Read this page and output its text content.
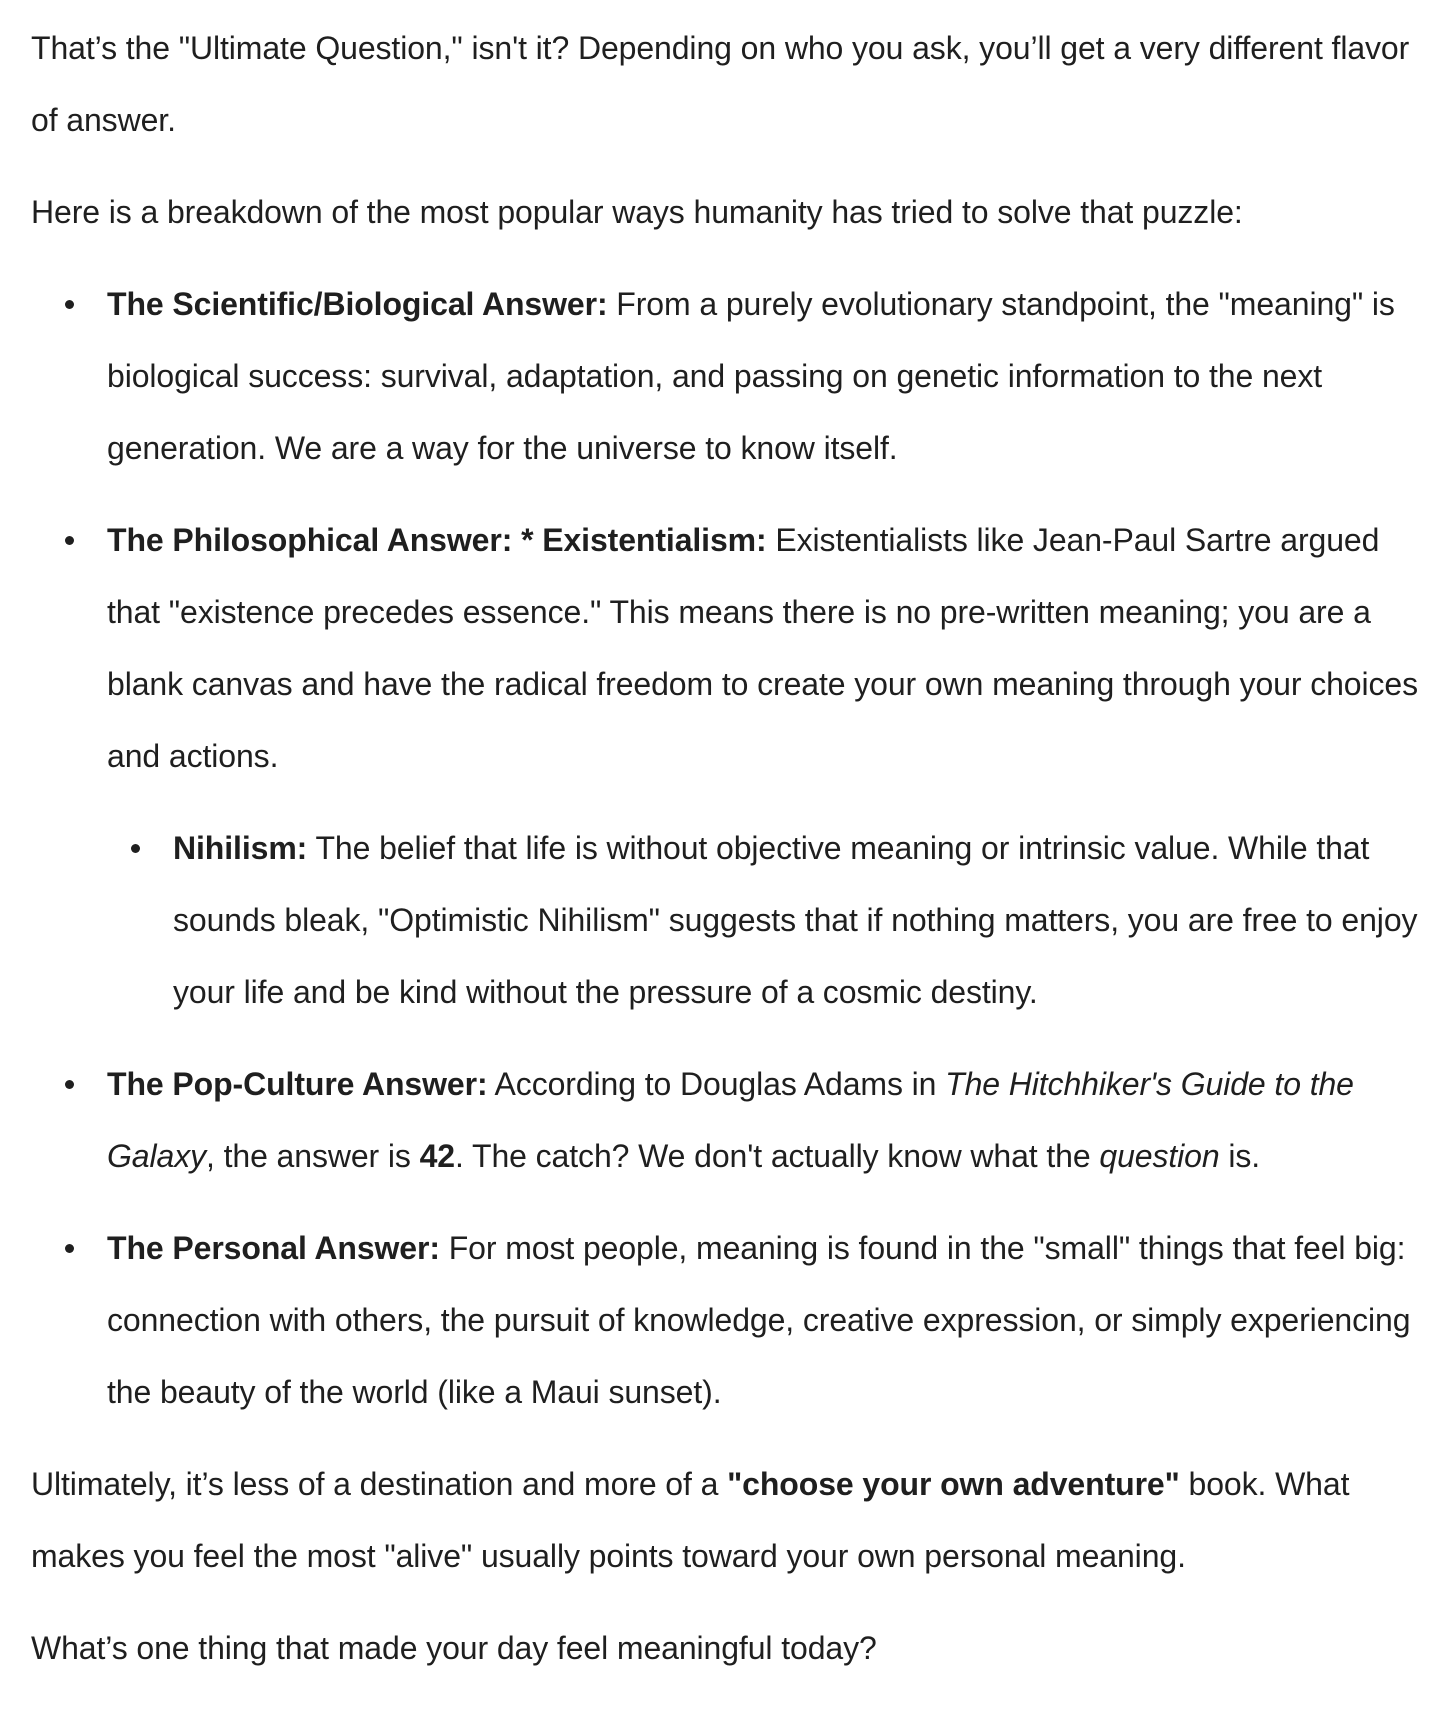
That’s the "Ultimate Question," isn't it? Depending on who you ask, you’ll get a very different flavor of answer.

Here is a breakdown of the most popular ways humanity has tried to solve that puzzle:

The Scientific/Biological Answer: From a purely evolutionary standpoint, the "meaning" is biological success: survival, adaptation, and passing on genetic information to the next generation. We are a way for the universe to know itself.
The Philosophical Answer: * Existentialism: Existentialists like Jean-Paul Sartre argued that "existence precedes essence." This means there is no pre-written meaning; you are a blank canvas and have the radical freedom to create your own meaning through your choices and actions.
Nihilism: The belief that life is without objective meaning or intrinsic value. While that sounds bleak, "Optimistic Nihilism" suggests that if nothing matters, you are free to enjoy your life and be kind without the pressure of a cosmic destiny.
The Pop-Culture Answer: According to Douglas Adams in The Hitchhiker's Guide to the Galaxy, the answer is 42. The catch? We don't actually know what the question is.
The Personal Answer: For most people, meaning is found in the "small" things that feel big: connection with others, the pursuit of knowledge, creative expression, or simply experiencing the beauty of the world (like a Maui sunset).

Ultimately, it’s less of a destination and more of a "choose your own adventure" book. What makes you feel the most "alive" usually points toward your own personal meaning.

What’s one thing that made your day feel meaningful today?
